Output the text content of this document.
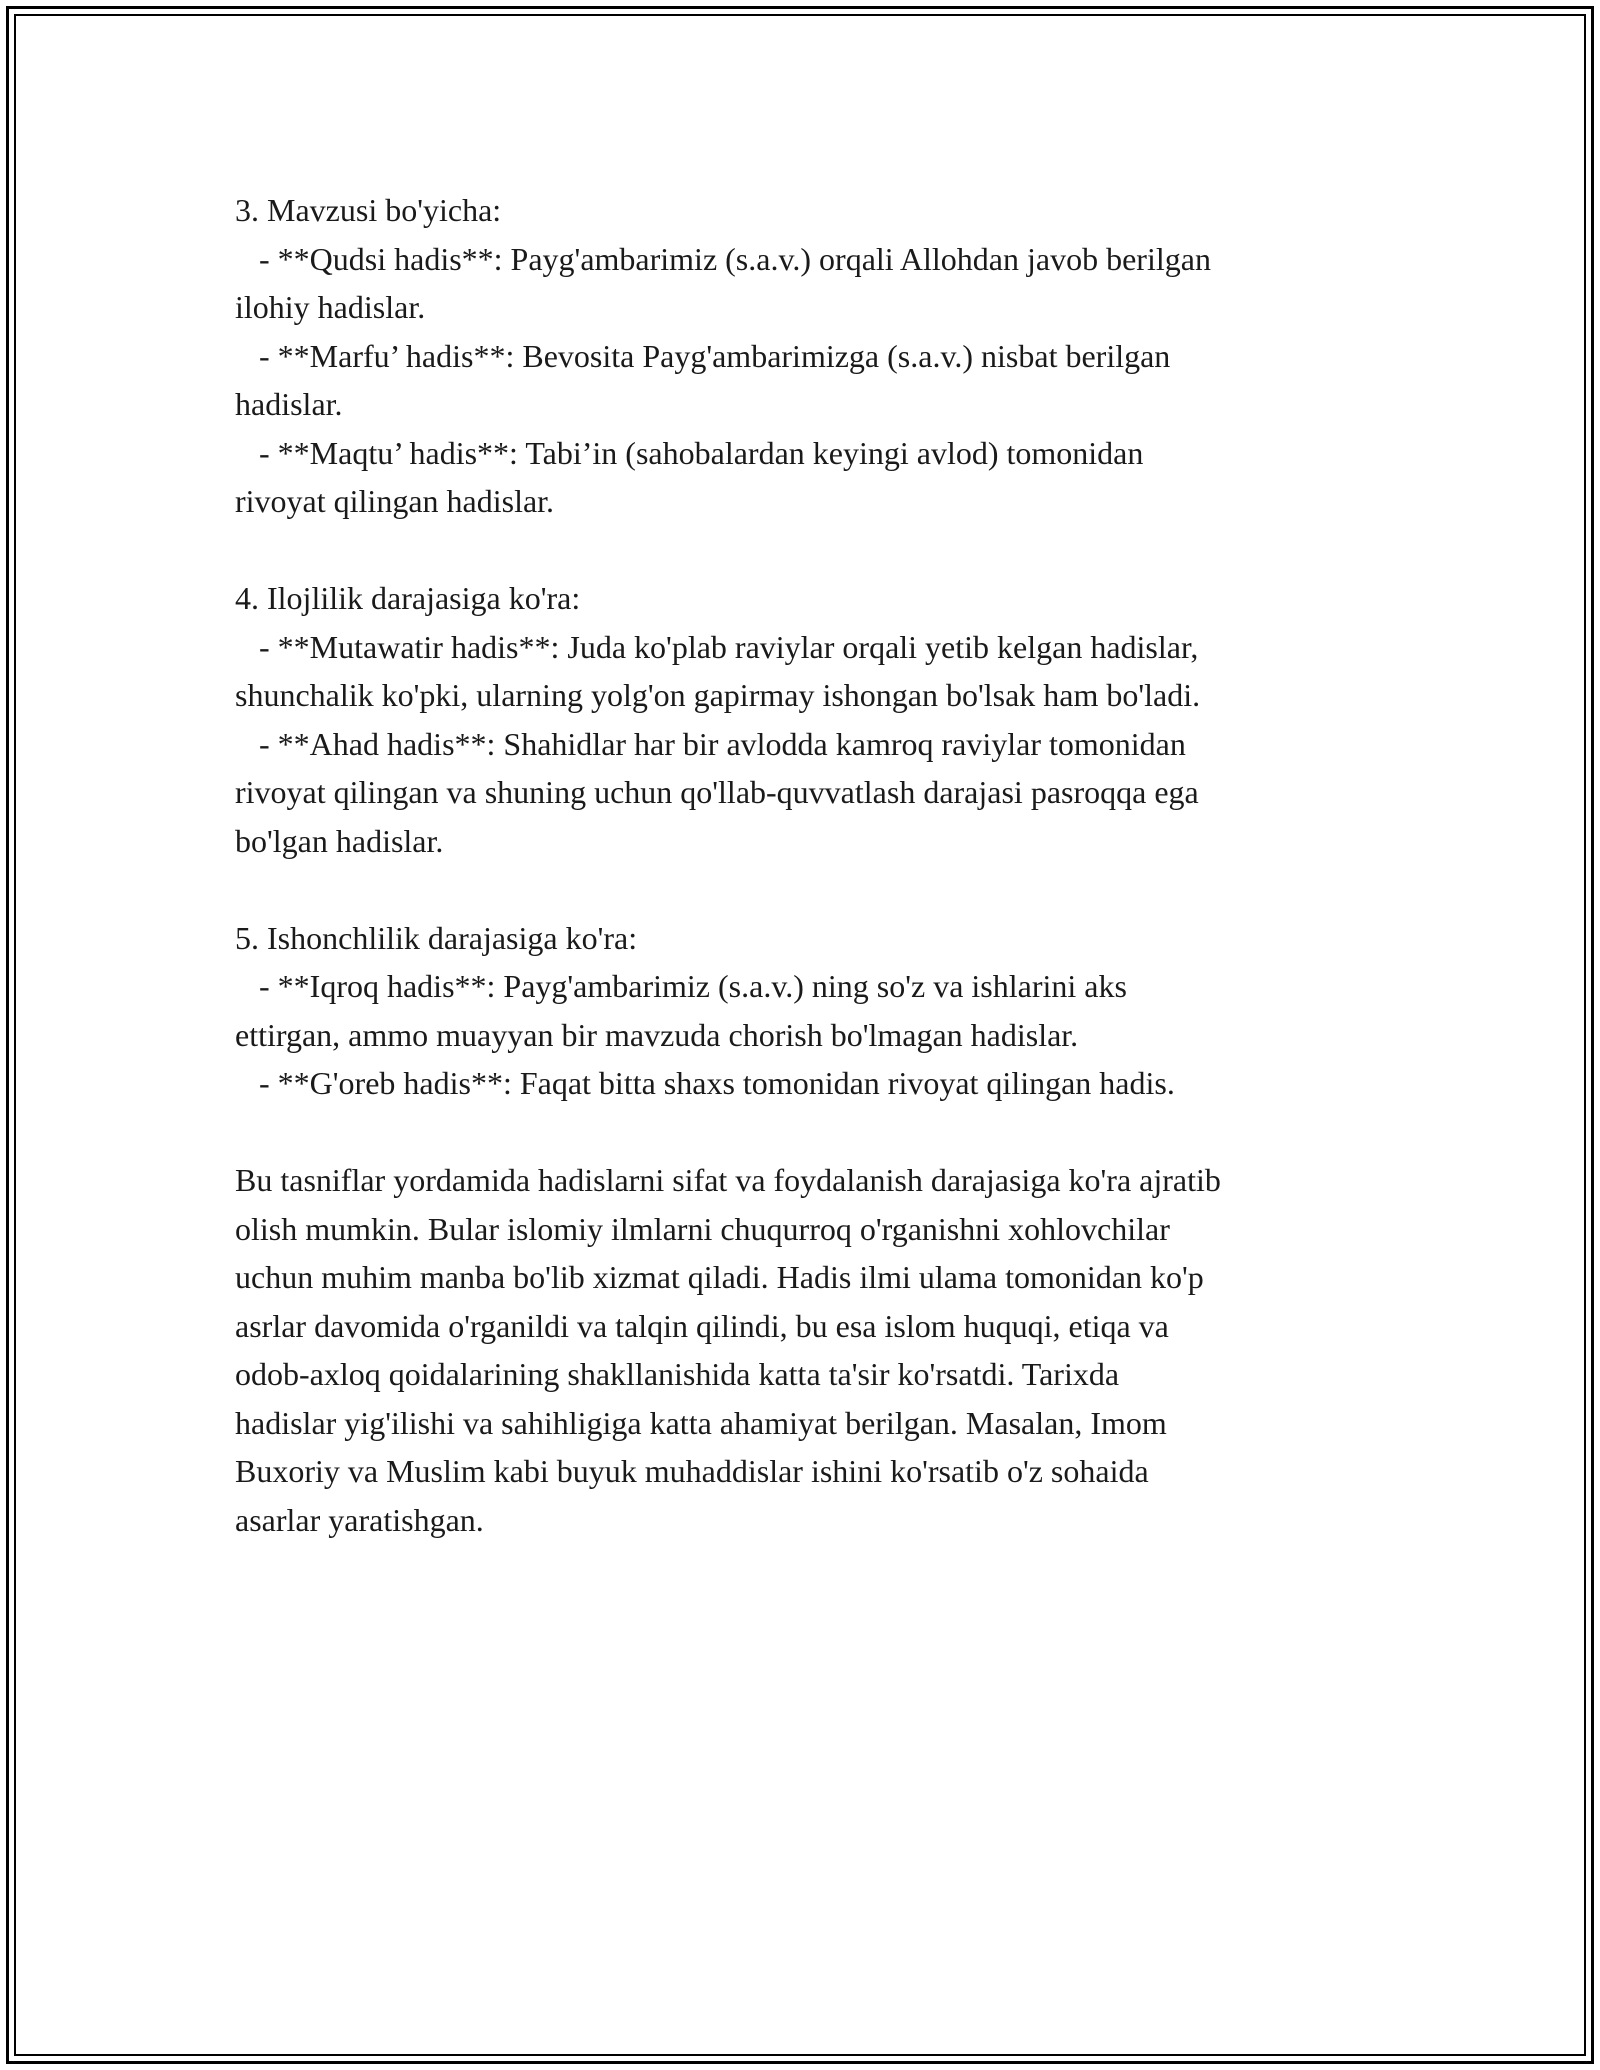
3. Mavzusi bo'yicha:
- **Qudsi hadis**: Payg'ambarimiz (s.a.v.) orqali Allohdan javob berilgan
ilohiy hadislar.
- **Marfu’ hadis**: Bevosita Payg'ambarimizga (s.a.v.) nisbat berilgan
hadislar.
- **Maqtu’ hadis**: Tabi’in (sahobalardan keyingi avlod) tomonidan
rivoyat qilingan hadislar.
4. Ilojlilik darajasiga ko'ra:
- **Mutawatir hadis**: Juda ko'plab raviylar orqali yetib kelgan hadislar,
shunchalik ko'pki, ularning yolg'on gapirmay ishongan bo'lsak ham bo'ladi.
- **Ahad hadis**: Shahidlar har bir avlodda kamroq raviylar tomonidan
rivoyat qilingan va shuning uchun qo'llab-quvvatlash darajasi pasroqqa ega
bo'lgan hadislar.
5. Ishonchlilik darajasiga ko'ra:
- **Iqroq hadis**: Payg'ambarimiz (s.a.v.) ning so'z va ishlarini aks
ettirgan, ammo muayyan bir mavzuda chorish bo'lmagan hadislar.
- **G'oreb hadis**: Faqat bitta shaxs tomonidan rivoyat qilingan hadis.
Bu tasniflar yordamida hadislarni sifat va foydalanish darajasiga ko'ra ajratib
olish mumkin. Bular islomiy ilmlarni chuqurroq o'rganishni xohlovchilar
uchun muhim manba bo'lib xizmat qiladi. Hadis ilmi ulama tomonidan ko'p
asrlar davomida o'rganildi va talqin qilindi, bu esa islom huquqi, etiqa va
odob-axloq qoidalarining shakllanishida katta ta'sir ko'rsatdi. Tarixda
hadislar yig'ilishi va sahihligiga katta ahamiyat berilgan. Masalan, Imom
Buxoriy va Muslim kabi buyuk muhaddislar ishini ko'rsatib o'z sohaida
asarlar yaratishgan.
